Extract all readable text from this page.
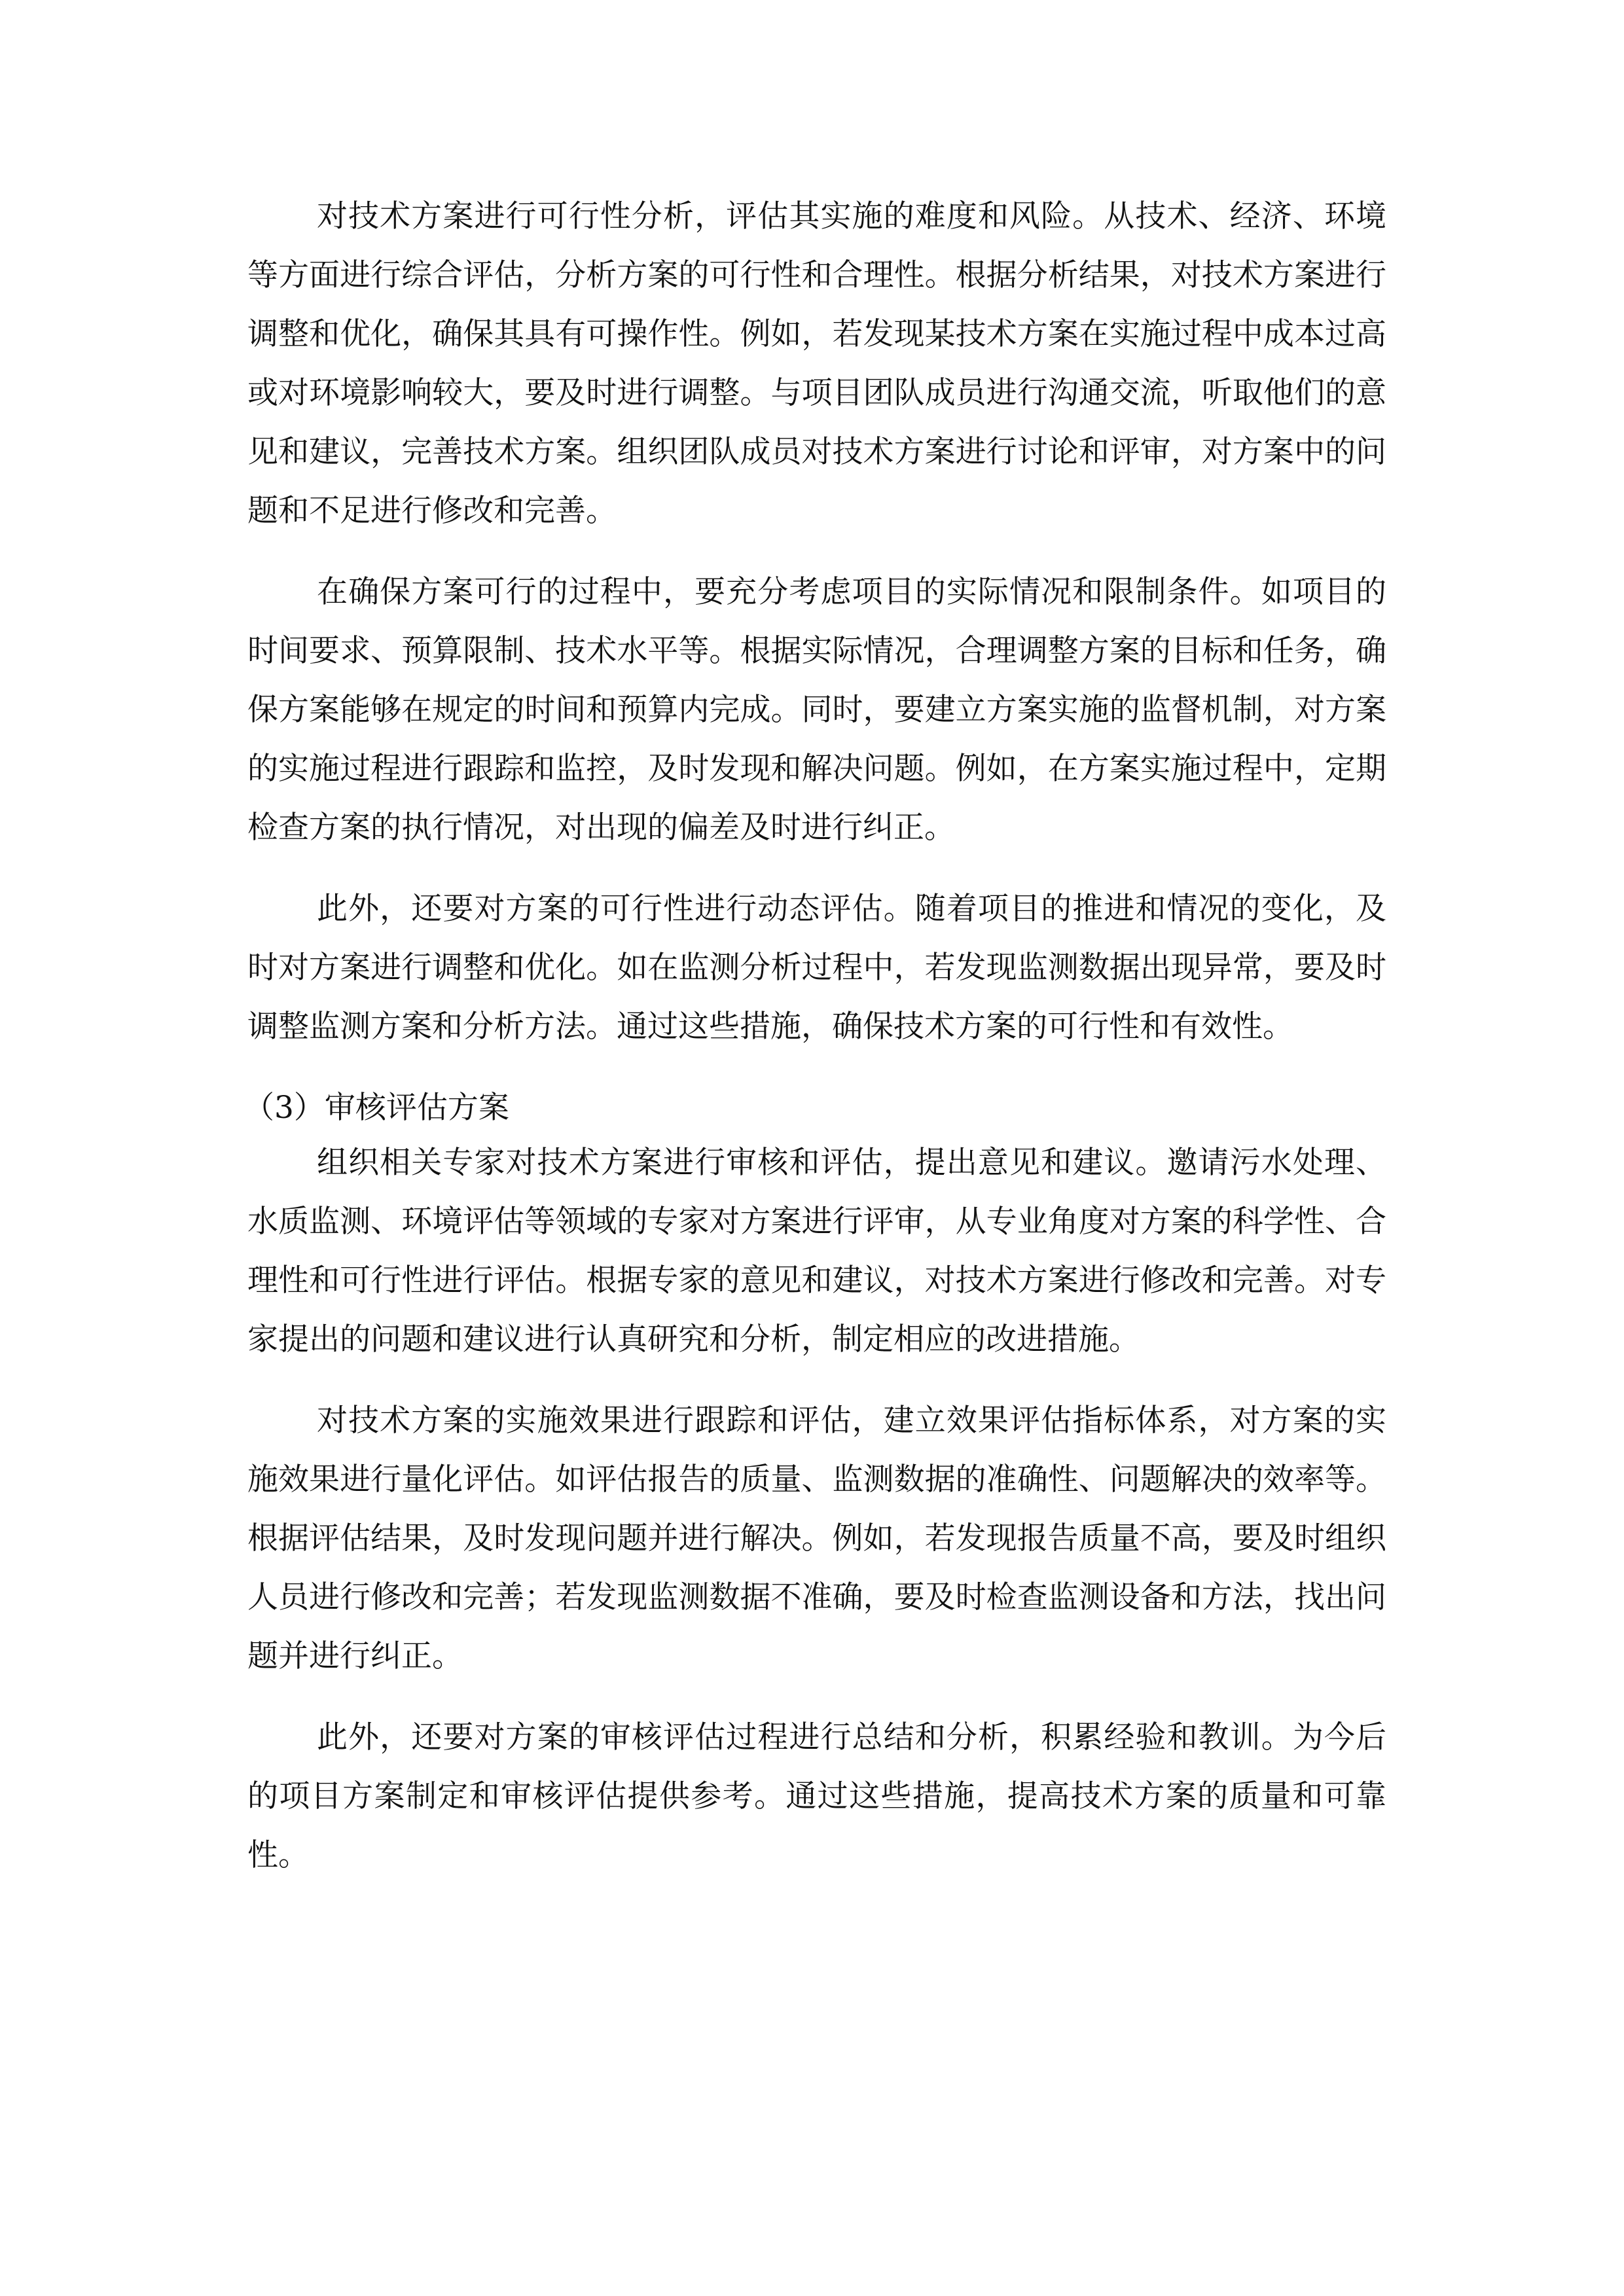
对技术方案进行可行性分析，评估其实施的难度和风险。从技术、经济、环境等方面进行综合评估，分析方案的可行性和合理性。根据分析结果，对技术方案进行调整和优化，确保其具有可操作性。例如，若发现某技术方案在实施过程中成本过高或对环境影响较大，要及时进行调整。与项目团队成员进行沟通交流，听取他们的意见和建议，完善技术方案。组织团队成员对技术方案进行讨论和评审，对方案中的问题和不足进行修改和完善。

在确保方案可行的过程中，要充分考虑项目的实际情况和限制条件。如项目的时间要求、预算限制、技术水平等。根据实际情况，合理调整方案的目标和任务，确保方案能够在规定的时间和预算内完成。同时，要建立方案实施的监督机制，对方案的实施过程进行跟踪和监控，及时发现和解决问题。例如，在方案实施过程中，定期检查方案的执行情况，对出现的偏差及时进行纠正。

此外，还要对方案的可行性进行动态评估。随着项目的推进和情况的变化，及时对方案进行调整和优化。如在监测分析过程中，若发现监测数据出现异常，要及时调整监测方案和分析方法。通过这些措施，确保技术方案的可行性和有效性。

（3）审核评估方案

组织相关专家对技术方案进行审核和评估，提出意见和建议。邀请污水处理、水质监测、环境评估等领域的专家对方案进行评审，从专业角度对方案的科学性、合理性和可行性进行评估。根据专家的意见和建议，对技术方案进行修改和完善。对专家提出的问题和建议进行认真研究和分析，制定相应的改进措施。

对技术方案的实施效果进行跟踪和评估，建立效果评估指标体系，对方案的实施效果进行量化评估。如评估报告的质量、监测数据的准确性、问题解决的效率等。根据评估结果，及时发现问题并进行解决。例如，若发现报告质量不高，要及时组织人员进行修改和完善；若发现监测数据不准确，要及时检查监测设备和方法，找出问题并进行纠正。

此外，还要对方案的审核评估过程进行总结和分析，积累经验和教训。为今后的项目方案制定和审核评估提供参考。通过这些措施，提高技术方案的质量和可靠性。
